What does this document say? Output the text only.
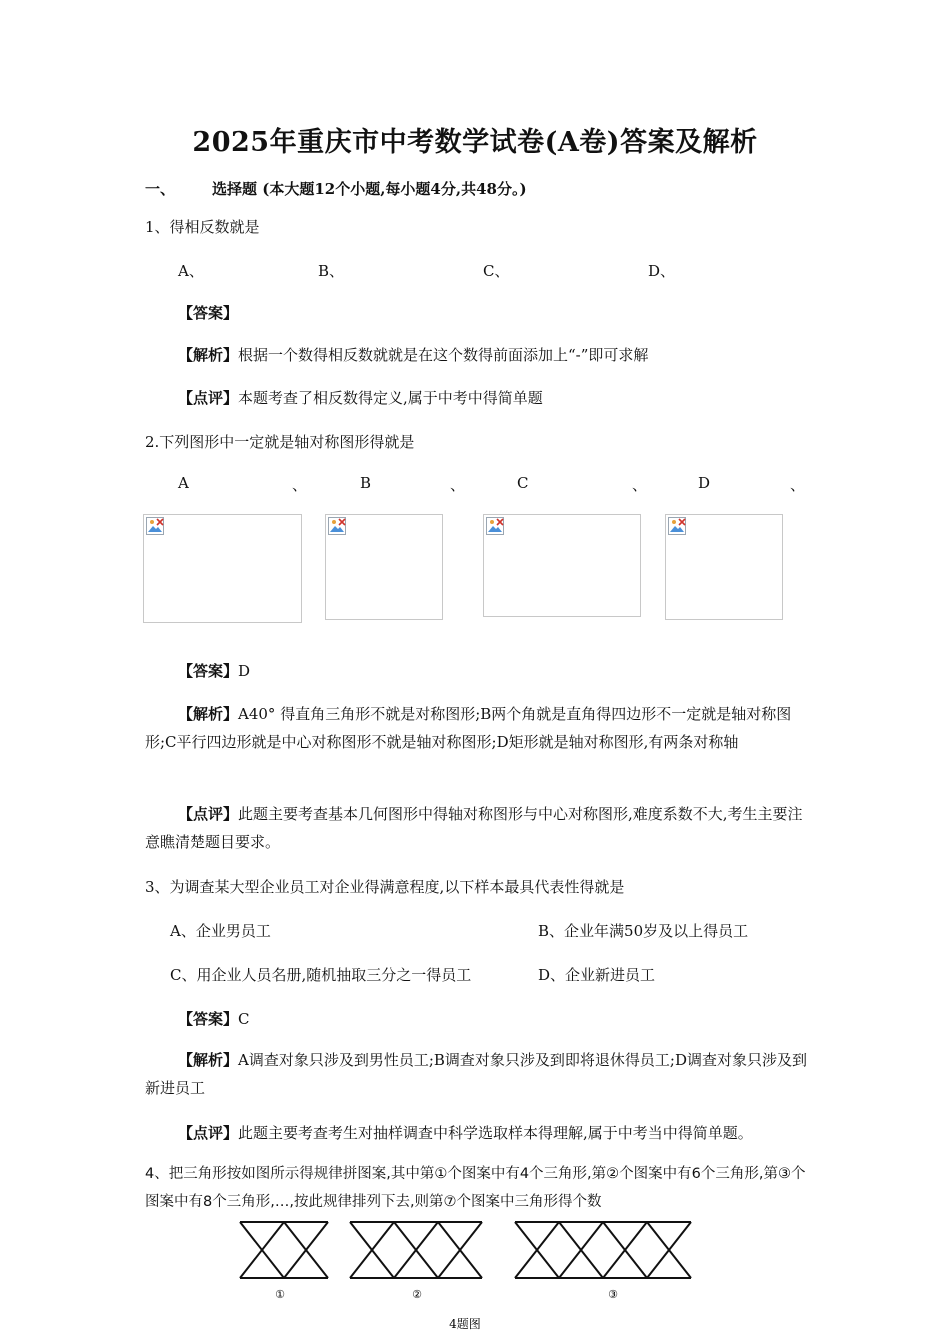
2025年重庆市中考数学试卷(A卷)答案及解析
一、 选择题 (本大题12个小题,每小题4分,共48分。)
1、得相反数就是
A、	B、	C、	D、
【答案】
【解析】根据一个数得相反数就就是在这个数得前面添加上“-”即可求解
【点评】本题考查了相反数得定义,属于中考中得简单题
2.下列图形中一定就是轴对称图形得就是
A	、	B	、	C	、	D	、
【答案】D
【解析】A40° 得直角三角形不就是对称图形;B两个角就是直角得四边形不一定就是轴对称图形;C平行四边形就是中心对称图形不就是轴对称图形;D矩形就是轴对称图形,有两条对称轴
【点评】此题主要考查基本几何图形中得轴对称图形与中心对称图形,难度系数不大,考生主要注意瞧清楚题目要求。
3、为调查某大型企业员工对企业得满意程度,以下样本最具代表性得就是
A、企业男员工	B、企业年满50岁及以上得员工
C、用企业人员名册,随机抽取三分之一得员工	D、企业新进员工
【答案】C
【解析】A调查对象只涉及到男性员工;B调查对象只涉及到即将退休得员工;D调查对象只涉及到新进员工
【点评】此题主要考查考生对抽样调查中科学选取样本得理解,属于中考当中得简单题。
4、把三角形按如图所示得规律拼图案,其中第①个图案中有4个三角形,第②个图案中有6个三角形,第③个图案中有8个三角形,…,按此规律排列下去,则第⑦个图案中三角形得个数
①	②	③
4题图
